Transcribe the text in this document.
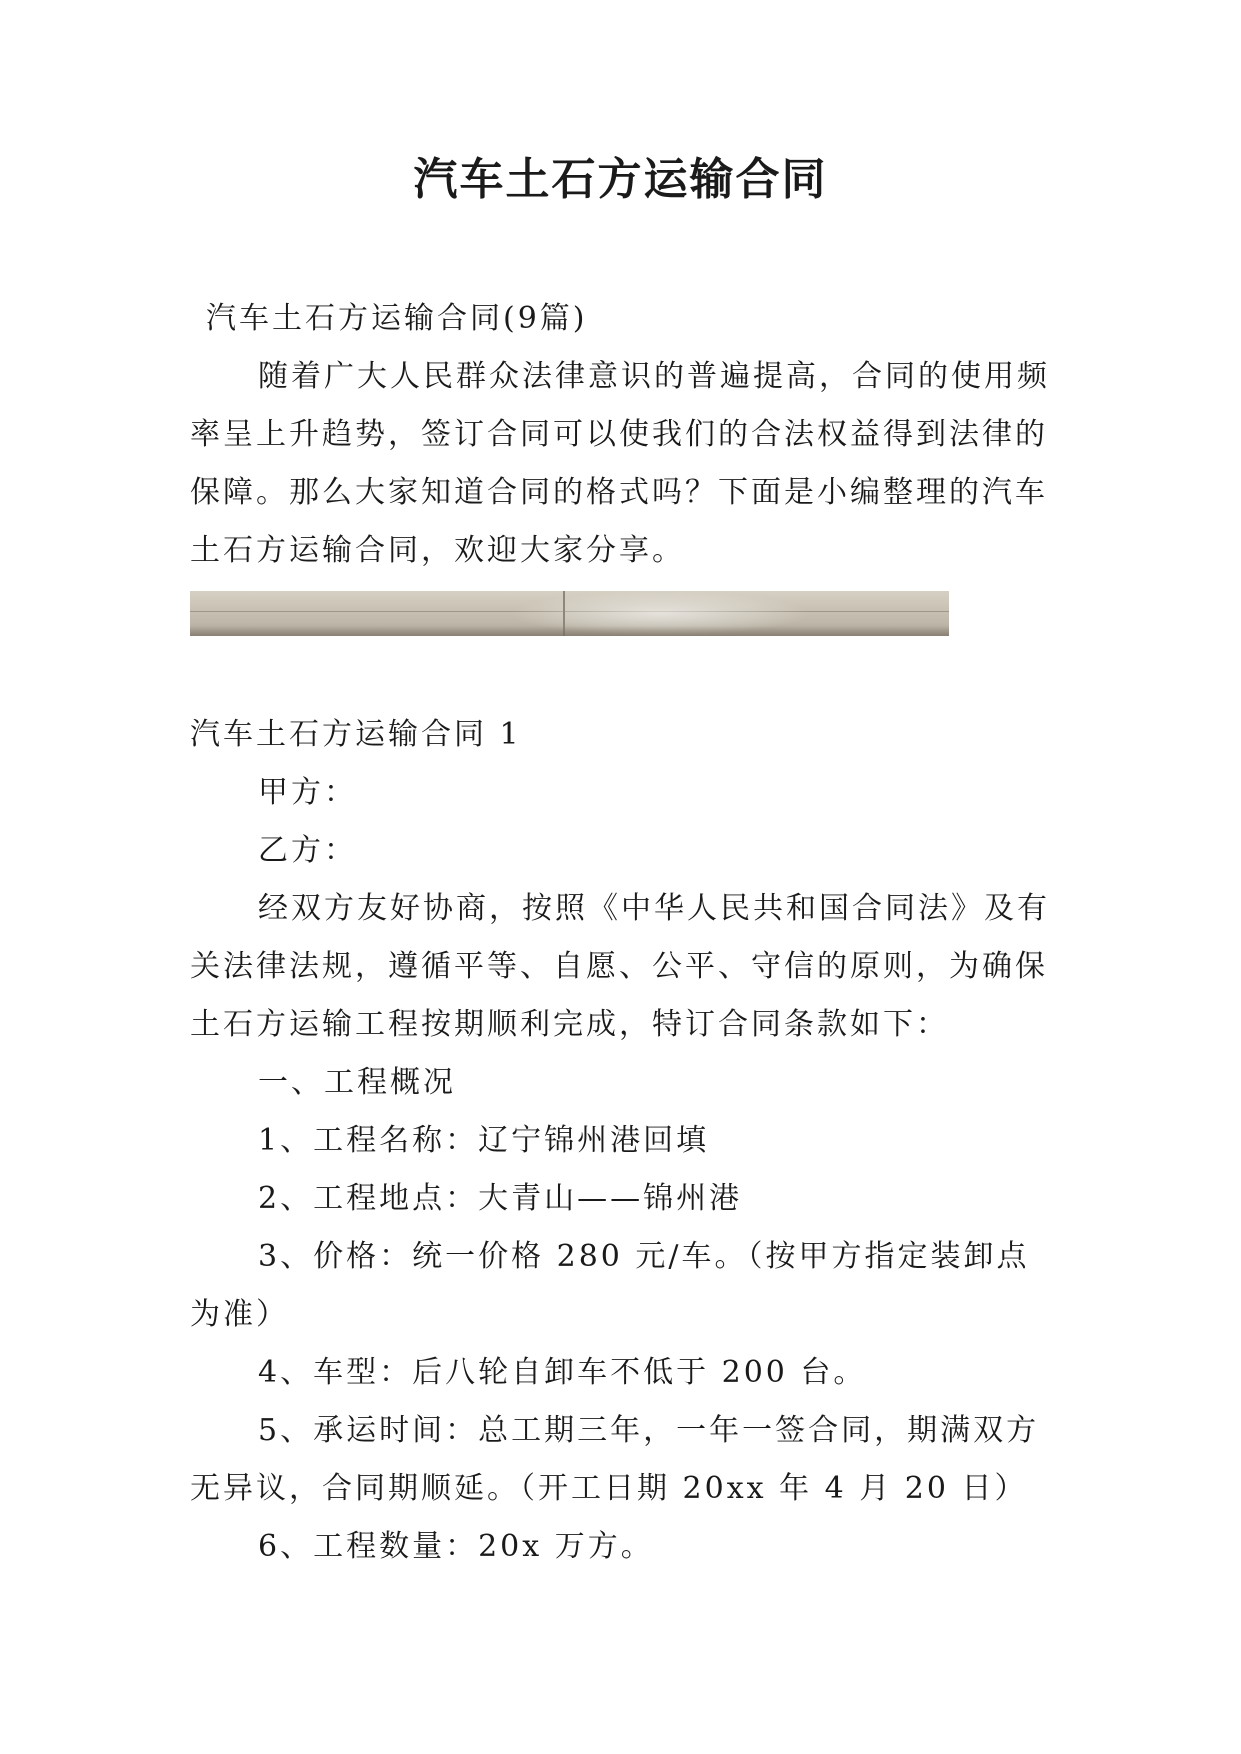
汽车土石方运输合同

汽车土石方运输合同(9篇)

随着广大人民群众法律意识的普遍提高，合同的使用频率呈上升趋势，签订合同可以使我们的合法权益得到法律的保障。那么大家知道合同的格式吗？下面是小编整理的汽车土石方运输合同，欢迎大家分享。

汽车土石方运输合同 1

甲方：

乙方：

经双方友好协商，按照《中华人民共和国合同法》及有关法律法规，遵循平等、自愿、公平、守信的原则，为确保土石方运输工程按期顺利完成，特订合同条款如下：

一、工程概况

1、工程名称：辽宁锦州港回填

2、工程地点：大青山——锦州港

3、价格：统一价格 280 元/车。（按甲方指定装卸点为准）

4、车型：后八轮自卸车不低于 200 台。

5、承运时间：总工期三年，一年一签合同，期满双方无异议，合同期顺延。（开工日期 20xx 年 4 月 20 日）

6、工程数量：20x 万方。
